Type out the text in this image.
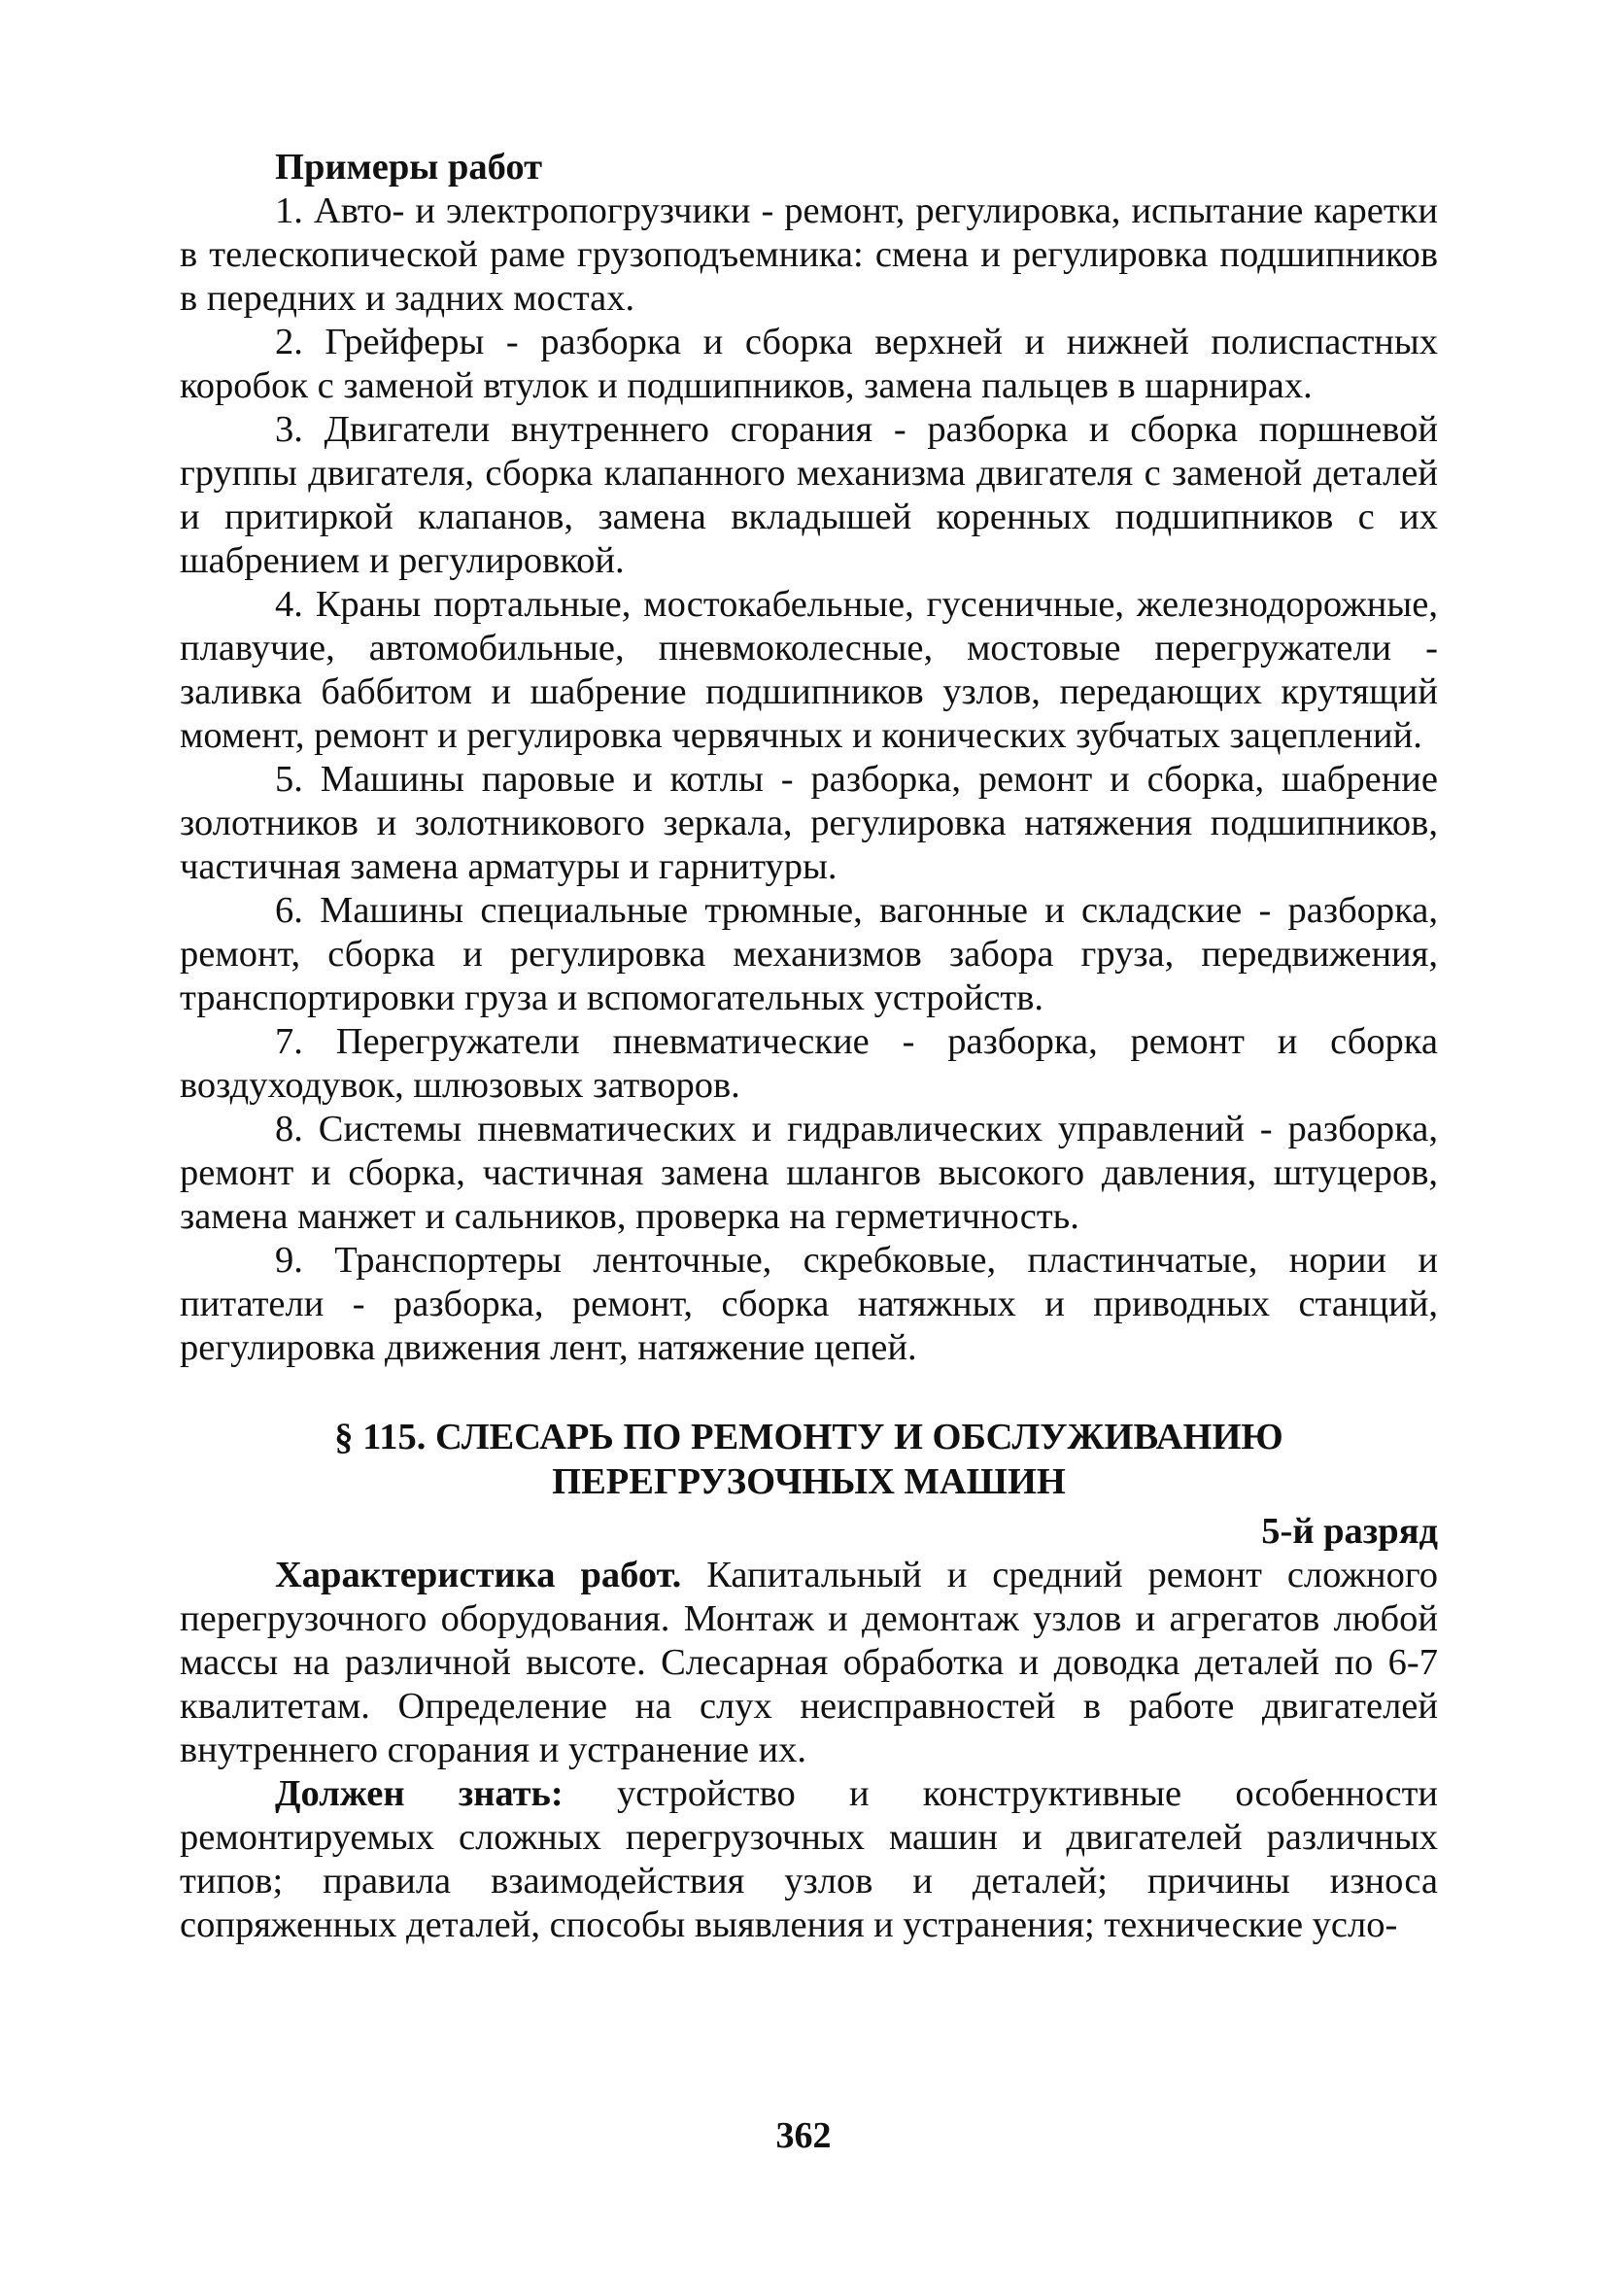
Примеры работ

1. Авто- и электропогрузчики - ремонт, регулировка, испытание каретки в телескопической раме грузоподъемника: смена и регулировка подшипников в передних и задних мостах.

2. Грейферы - разборка и сборка верхней и нижней полиспастных коробок с заменой втулок и подшипников, замена пальцев в шарнирах.

3. Двигатели внутреннего сгорания - разборка и сборка поршневой группы двигателя, сборка клапанного механизма двигателя с заменой деталей и притиркой клапанов, замена вкладышей коренных подшипников с их шабрением и регулировкой.

4. Краны портальные, мостокабельные, гусеничные, железнодорожные, плавучие, автомобильные, пневмоколесные, мостовые перегружатели - заливка баббитом и шабрение подшипников узлов, передающих крутящий момент, ремонт и регулировка червячных и конических зубчатых зацеплений.

5. Машины паровые и котлы - разборка, ремонт и сборка, шабрение золотников и золотникового зеркала, регулировка натяжения подшипников, частичная замена арматуры и гарнитуры.

6. Машины специальные трюмные, вагонные и складские - разборка, ремонт, сборка и регулировка механизмов забора груза, передвижения, транспортировки груза и вспомогательных устройств.

7. Перегружатели пневматические - разборка, ремонт и сборка воздуходувок, шлюзовых затворов.

8. Системы пневматических и гидравлических управлений - разборка, ремонт и сборка, частичная замена шлангов высокого давления, штуцеров, замена манжет и сальников, проверка на герметичность.

9. Транспортеры ленточные, скребковые, пластинчатые, нории и питатели - разборка, ремонт, сборка натяжных и приводных станций, регулировка движения лент, натяжение цепей.

§ 115. СЛЕСАРЬ ПО РЕМОНТУ И ОБСЛУЖИВАНИЮ
ПЕРЕГРУЗОЧНЫХ МАШИН

5-й разряд

Характеристика работ. Капитальный и средний ремонт сложного перегрузочного оборудования. Монтаж и демонтаж узлов и агрегатов любой массы на различной высоте. Слесарная обработка и доводка деталей по 6-7 квалитетам. Определение на слух неисправностей в работе двигателей внутреннего сгорания и устранение их.

Должен знать: устройство и конструктивные особенности ремонтируемых сложных перегрузочных машин и двигателей различных типов; правила взаимодействия узлов и деталей; причины износа сопряженных деталей, способы выявления и устранения; технические усло-

362
